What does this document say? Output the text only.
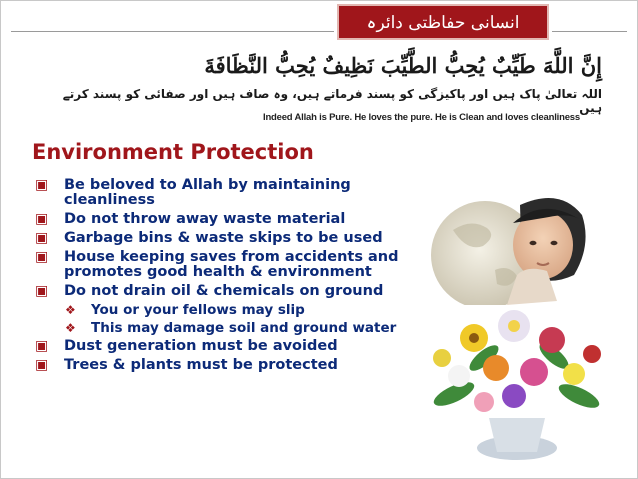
انسانی حفاظتی دائرہ
إِنَّ اللَّهَ طَيِّبٌ يُحِبُّ الطَّيِّبَ نَظِيفٌ يُحِبُّ النَّظَافَةَ
اللہ تعالیٰ پاک ہیں اور پاکیزگی کو پسند فرماتے ہیں، وہ صاف ہیں اور صفائی کو پسند کرتے ہیں
Indeed Allah is Pure. He loves the pure. He is Clean and loves cleanliness
Environment Protection
▣ Be beloved to Allah by maintaining cleanliness
▣ Do not throw away waste material
▣ Garbage bins & waste skips to be used
▣ House keeping saves from accidents and promotes good health & environment
▣ Do not drain oil & chemicals on ground
❖ You or your fellows may slip
❖ This may damage soil and ground water
▣ Dust generation must be avoided
▣ Trees & plants must be protected
